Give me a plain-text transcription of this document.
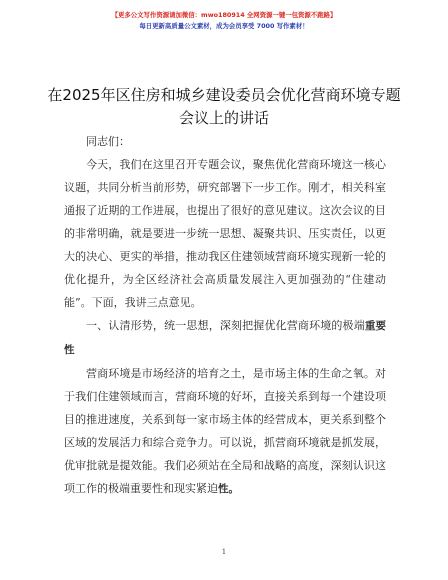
【更多公文写作资源请加微信：mwo180914 全网资源一键一包资源不跑路】
每日更新高质量公文素材，成为会员享受 7000 写作素材！
在2025年区住房和城乡建设委员会优化营商环境专题会议上的讲话

同志们：

今天，我们在这里召开专题会议，聚焦优化营商环境这一核心议题，共同分析当前形势，研究部署下一步工作。刚才，相关科室通报了近期的工作进展，也提出了很好的意见建议。这次会议的目的非常明确，就是要进一步统一思想、凝聚共识、压实责任，以更大的决心、更实的举措，推动我区住建领域营商环境实现新一轮的优化提升，为全区经济社会高质量发展注入更加强劲的“住建动能”。下面，我讲三点意见。

一、认清形势，统一思想，深刻把握优化营商环境的极端重要性

营商环境是市场经济的培育之土，是市场主体的生命之氧。对于我们住建领域而言，营商环境的好坏，直接关系到每一个建设项目的推进速度，关系到每一家市场主体的经营成本，更关系到整个区域的发展活力和综合竞争力。可以说，抓营商环境就是抓发展，优审批就是提效能。我们必须站在全局和战略的高度，深刻认识这项工作的极端重要性和现实紧迫性。

1
